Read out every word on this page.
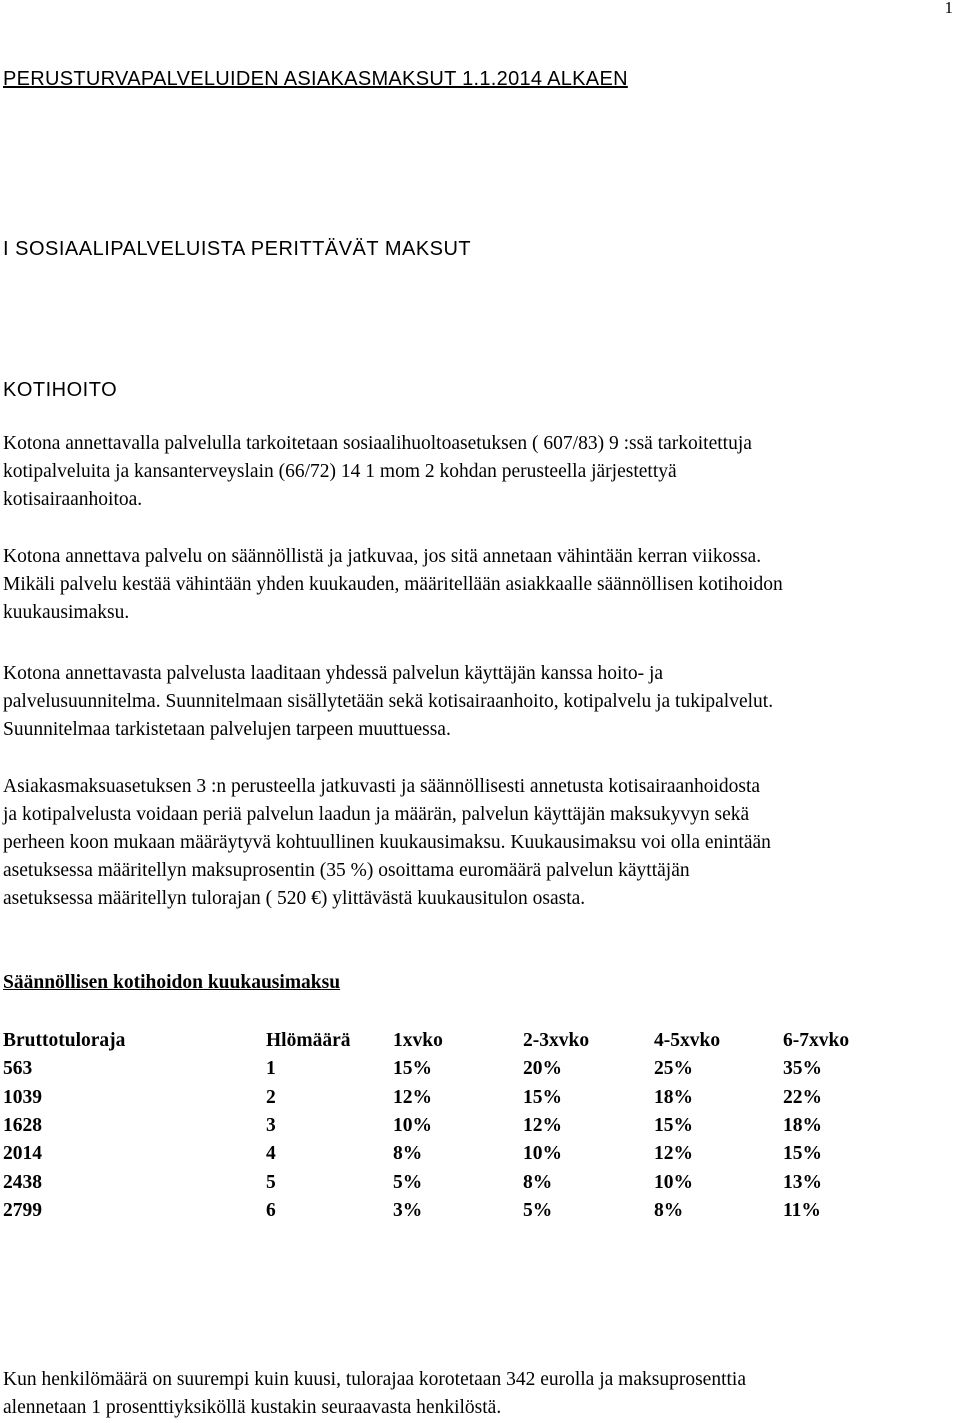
1
PERUSTURVAPALVELUIDEN ASIAKASMAKSUT 1.1.2014 ALKAEN
I SOSIAALIPALVELUISTA PERITTÄVÄT MAKSUT
KOTIHOITO
Kotona annettavalla palvelulla tarkoitetaan sosiaalihuoltoasetuksen ( 607/83) 9 :ssä tarkoitettuja
kotipalveluita ja kansanterveyslain (66/72) 14 1 mom 2 kohdan perusteella järjestettyä
kotisairaanhoitoa.
Kotona annettava palvelu on säännöllistä ja jatkuvaa, jos sitä annetaan vähintään kerran viikossa.
Mikäli palvelu kestää vähintään yhden kuukauden, määritellään asiakkaalle säännöllisen kotihoidon
kuukausimaksu.
Kotona annettavasta palvelusta laaditaan yhdessä palvelun käyttäjän kanssa hoito- ja
palvelusuunnitelma. Suunnitelmaan sisällytetään sekä kotisairaanhoito, kotipalvelu ja tukipalvelut.
Suunnitelmaa tarkistetaan palvelujen tarpeen muuttuessa.
Asiakasmaksuasetuksen 3 :n perusteella jatkuvasti ja säännöllisesti annetusta kotisairaanhoidosta
ja kotipalvelusta voidaan periä palvelun laadun ja määrän, palvelun käyttäjän maksukyvyn sekä
perheen koon mukaan määräytyvä kohtuullinen kuukausimaksu. Kuukausimaksu voi olla enintään
asetuksessa määritellyn maksuprosentin (35 %) osoittama euromäärä palvelun käyttäjän
asetuksessa määritellyn tulorajan ( 520 €) ylittävästä kuukausitulon osasta.
Säännöllisen kotihoidon kuukausimaksu
Bruttotuloraja	Hlömäärä	1xvko	2-3xvko	4-5xvko	6-7xvko
563	1	15%	20%	25%	35%
1039	2	12%	15%	18%	22%
1628	3	10%	12%	15%	18%
2014	4	8%	10%	12%	15%
2438	5	5%	8%	10%	13%
2799	6	3%	5%	8%	11%
Kun henkilömäärä on suurempi kuin kuusi, tulorajaa korotetaan 342 eurolla ja maksuprosenttia
alennetaan 1 prosenttiyksiköllä kustakin seuraavasta henkilöstä.
